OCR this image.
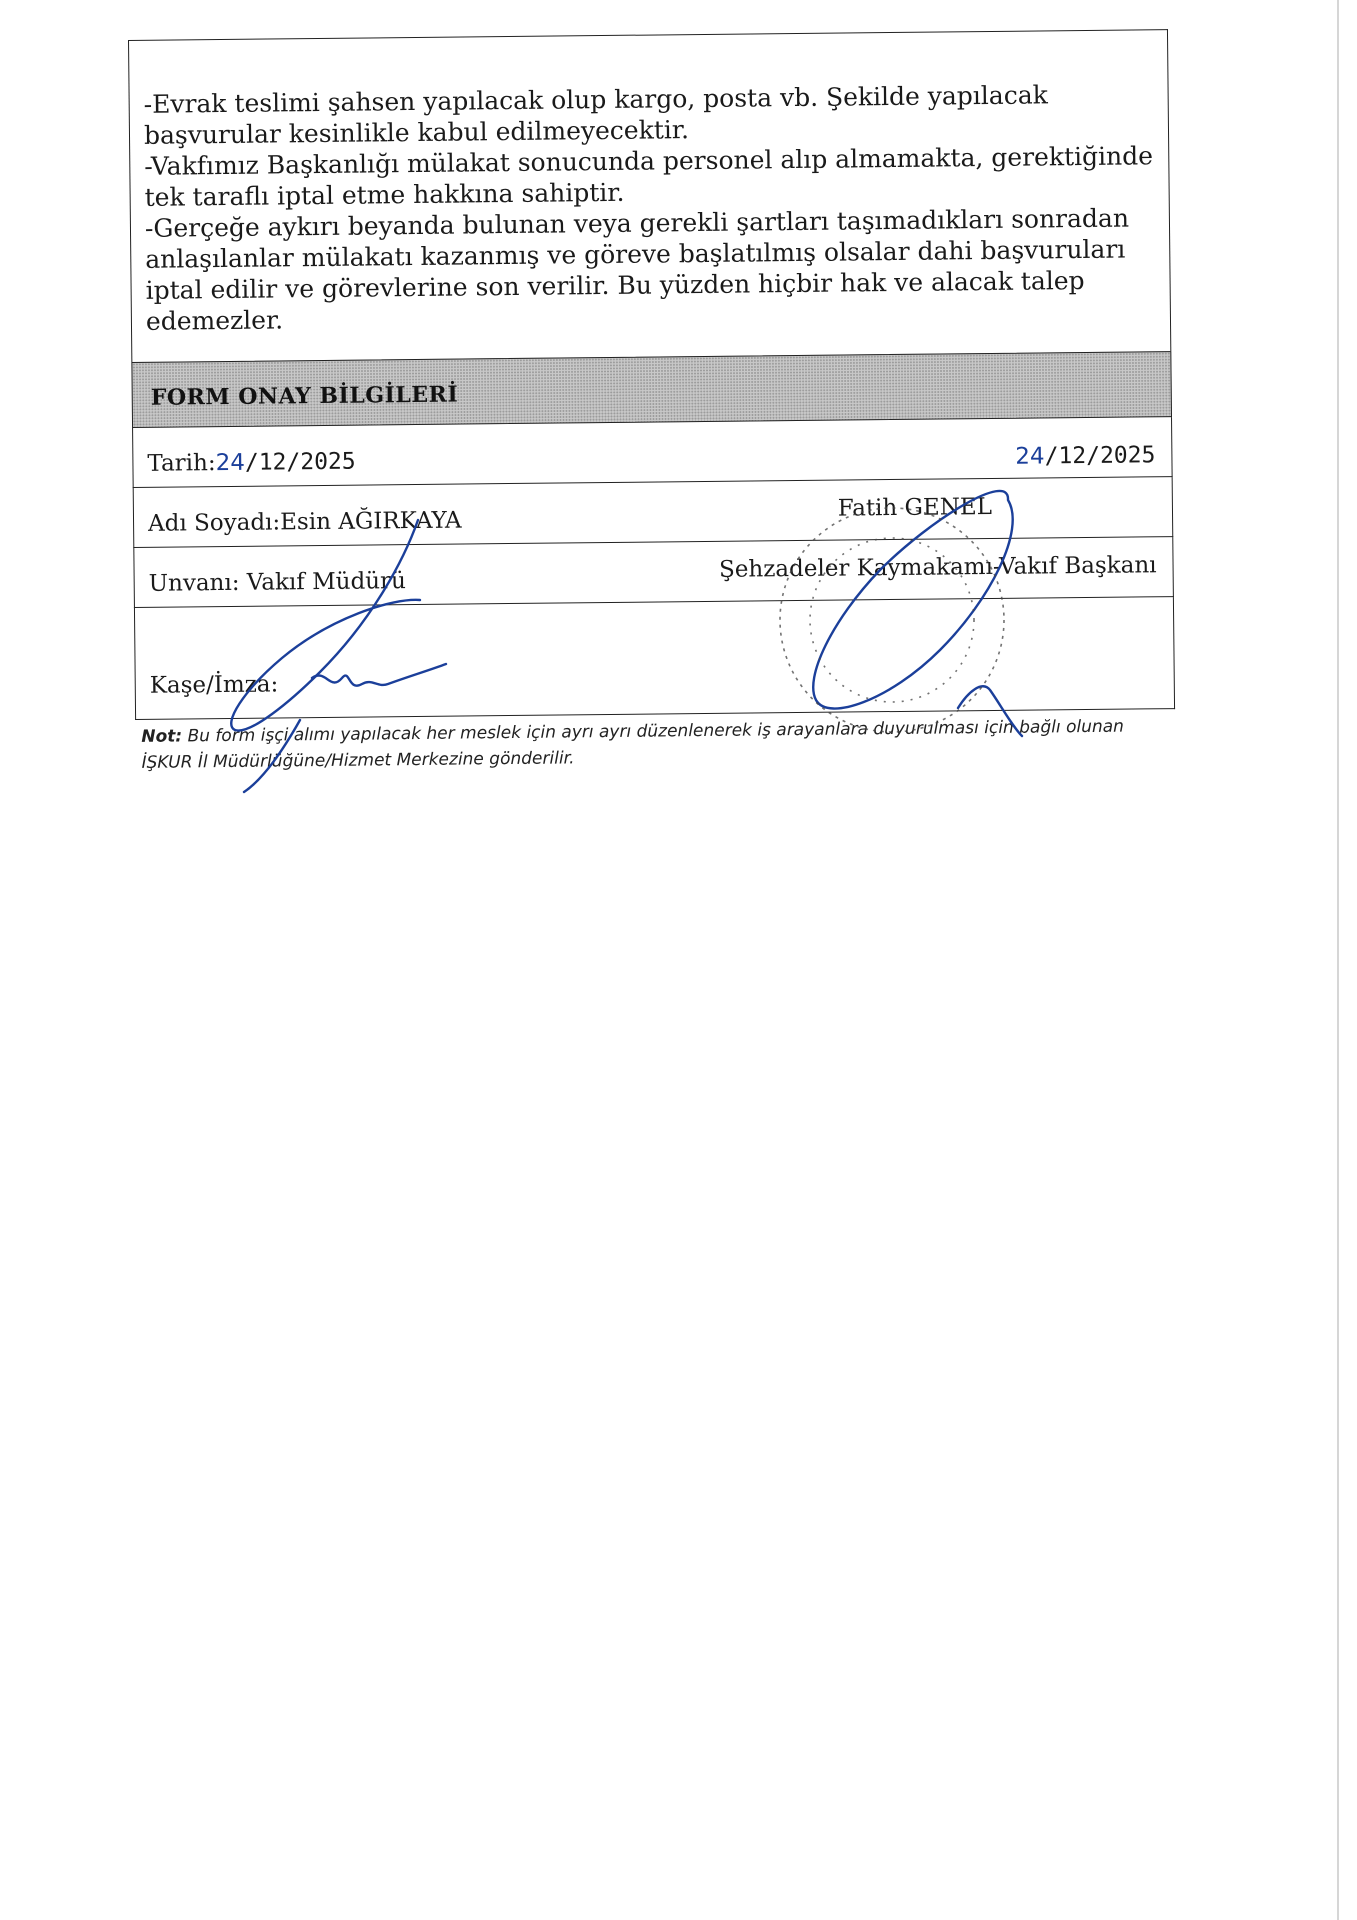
-Evrak teslimi şahsen yapılacak olup kargo, posta vb. Şekilde yapılacak başvurular kesinlikle kabul edilmeyecektir.

-Vakfımız Başkanlığı mülakat sonucunda personel alıp almamakta, gerektiğinde tek taraflı iptal etme hakkına sahiptir.

-Gerçeğe aykırı beyanda bulunan veya gerekli şartları taşımadıkları sonradan anlaşılanlar mülakatı kazanmış ve göreve başlatılmış olsalar dahi başvuruları iptal edilir ve görevlerine son verilir. Bu yüzden hiçbir hak ve alacak talep edemezler.

FORM ONAY BİLGİLERİ
Tarih:24/12/2025	24/12/2025
Adı Soyadı:Esin AĞIRKAYA	Fatih GENEL
Unvanı: Vakıf Müdürü	Şehzadeler Kaymakamı-Vakıf Başkanı
Kaşe/İmza:
Not: Bu form işçi alımı yapılacak her meslek için ayrı ayrı düzenlenerek iş arayanlara duyurulması için bağlı olunan İŞKUR İl Müdürlüğüne/Hizmet Merkezine gönderilir.
